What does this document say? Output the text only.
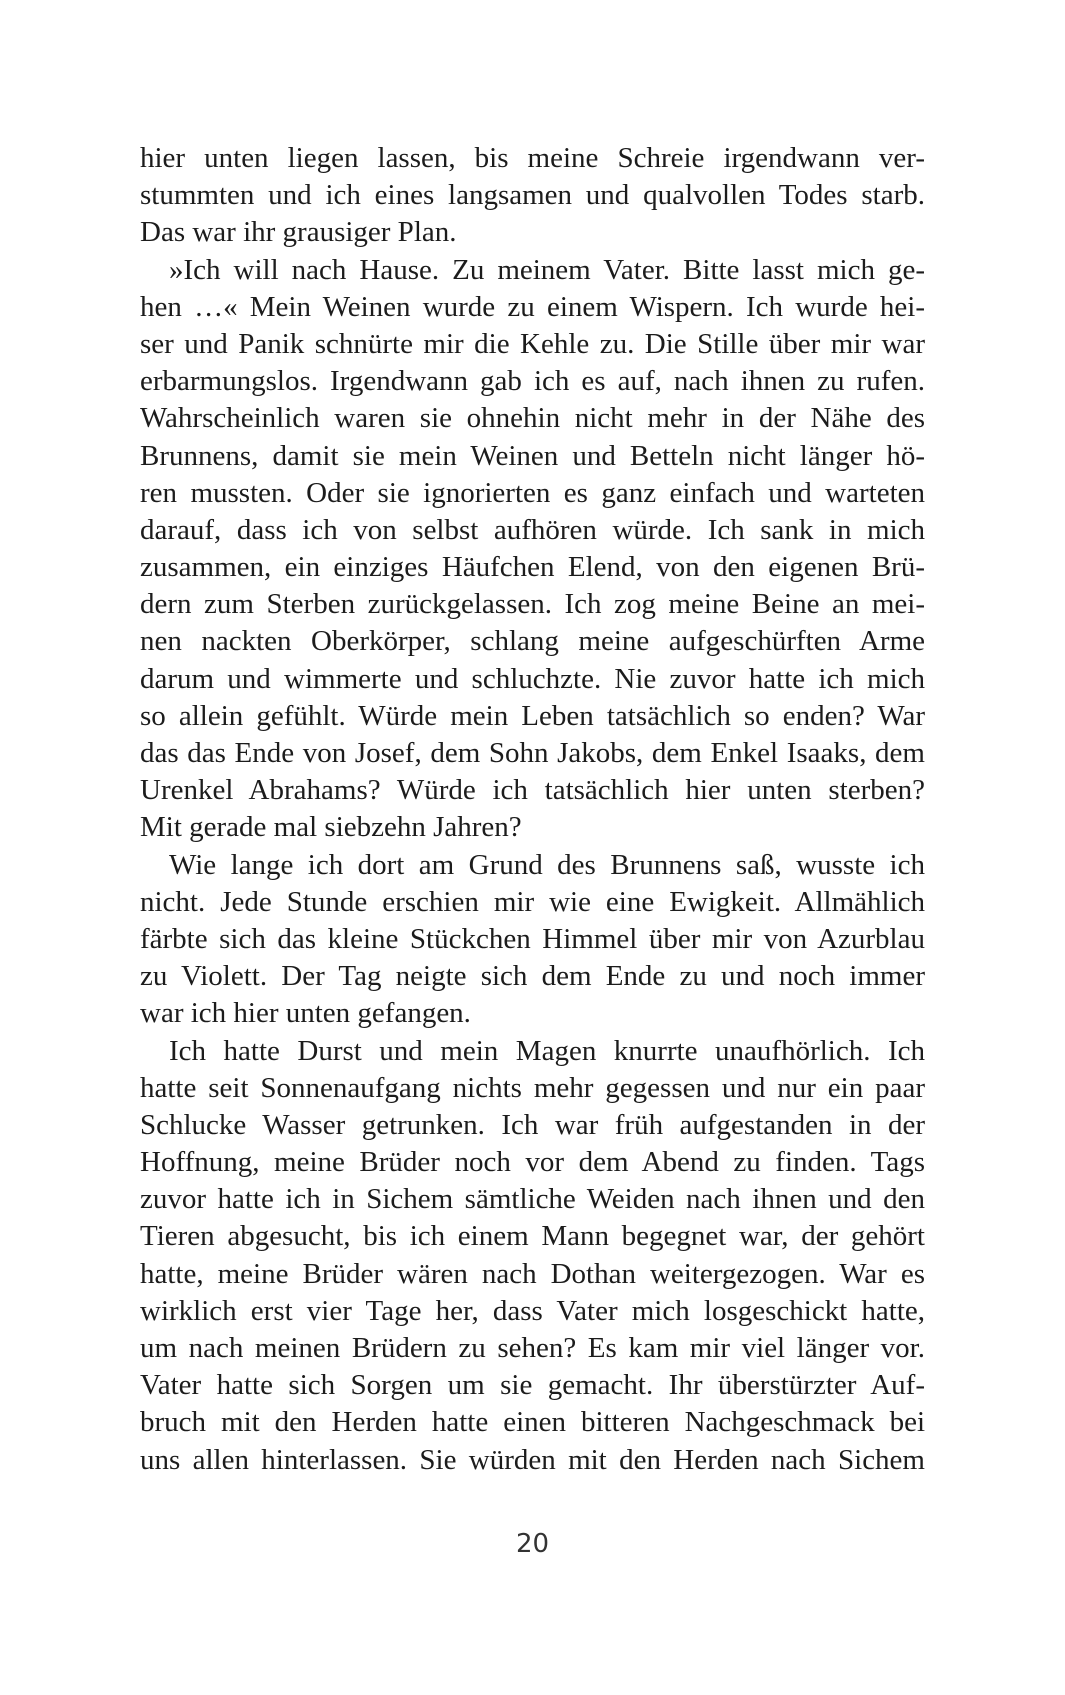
hier unten liegen lassen, bis meine Schreie irgendwann ver-
stummten und ich eines langsamen und qualvollen Todes starb.
Das war ihr grausiger Plan.
»Ich will nach Hause. Zu meinem Vater. Bitte lasst mich ge-
hen …« Mein Weinen wurde zu einem Wispern. Ich wurde hei-
ser und Panik schnürte mir die Kehle zu. Die Stille über mir war
erbarmungslos. Irgendwann gab ich es auf, nach ihnen zu rufen.
Wahrscheinlich waren sie ohnehin nicht mehr in der Nähe des
Brunnens, damit sie mein Weinen und Betteln nicht länger hö-
ren mussten. Oder sie ignorierten es ganz einfach und warteten
darauf, dass ich von selbst aufhören würde. Ich sank in mich
zusammen, ein einziges Häufchen Elend, von den eigenen Brü-
dern zum Sterben zurückgelassen. Ich zog meine Beine an mei-
nen nackten Oberkörper, schlang meine aufgeschürften Arme
darum und wimmerte und schluchzte. Nie zuvor hatte ich mich
so allein gefühlt. Würde mein Leben tatsächlich so enden? War
das das Ende von Josef, dem Sohn Jakobs, dem Enkel Isaaks, dem
Urenkel Abrahams? Würde ich tatsächlich hier unten sterben?
Mit gerade mal siebzehn Jahren?
Wie lange ich dort am Grund des Brunnens saß, wusste ich
nicht. Jede Stunde erschien mir wie eine Ewigkeit. Allmählich
färbte sich das kleine Stückchen Himmel über mir von Azurblau
zu Violett. Der Tag neigte sich dem Ende zu und noch immer
war ich hier unten gefangen.
Ich hatte Durst und mein Magen knurrte unaufhörlich. Ich
hatte seit Sonnenaufgang nichts mehr gegessen und nur ein paar
Schlucke Wasser getrunken. Ich war früh aufgestanden in der
Hoffnung, meine Brüder noch vor dem Abend zu finden. Tags
zuvor hatte ich in Sichem sämtliche Weiden nach ihnen und den
Tieren abgesucht, bis ich einem Mann begegnet war, der gehört
hatte, meine Brüder wären nach Dothan weitergezogen. War es
wirklich erst vier Tage her, dass Vater mich losgeschickt hatte,
um nach meinen Brüdern zu sehen? Es kam mir viel länger vor.
Vater hatte sich Sorgen um sie gemacht. Ihr überstürzter Auf-
bruch mit den Herden hatte einen bitteren Nachgeschmack bei
uns allen hinterlassen. Sie würden mit den Herden nach Sichem
20
